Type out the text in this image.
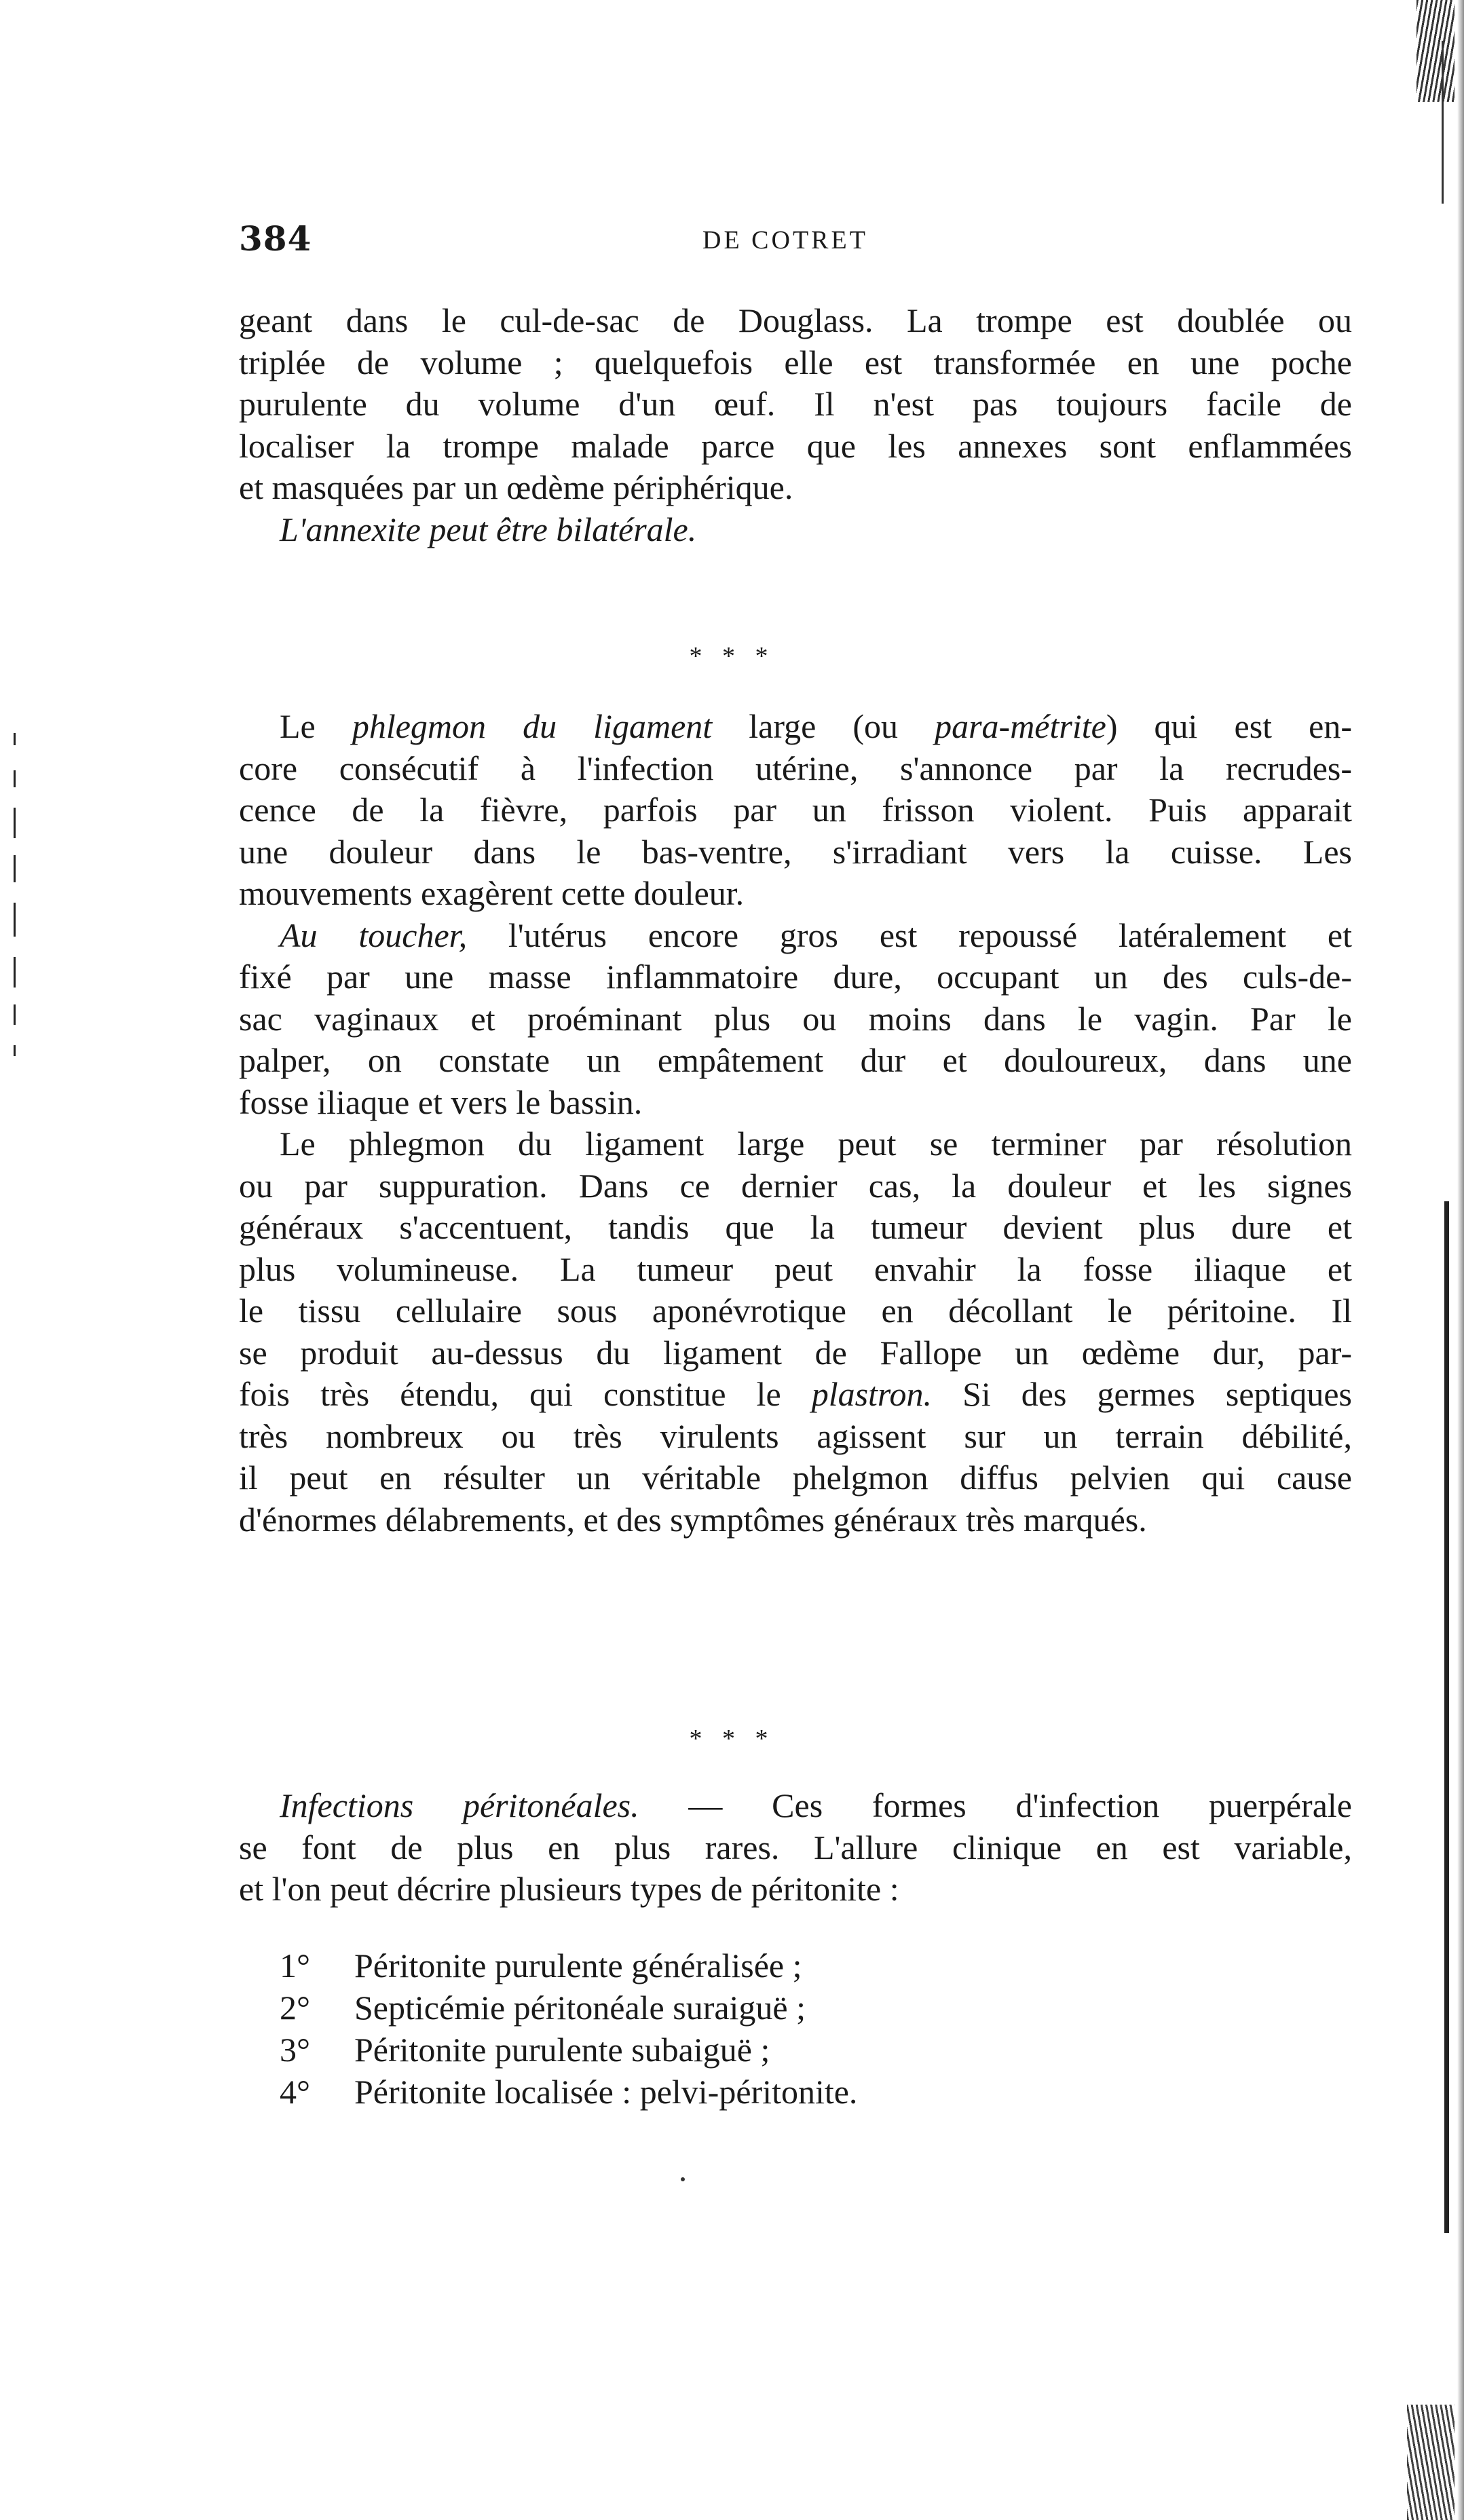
384	DE COTRET
geant dans le cul-de-sac de Douglass. La trompe est doublée ou
triplée de volume ; quelquefois elle est transformée en une poche
purulente du volume d'un œuf. Il n'est pas toujours facile de
localiser la trompe malade parce que les annexes sont enflammées
et masquées par un œdème périphérique.
L'annexite peut être bilatérale.
* * *
Le phlegmon du ligament large (ou para-métrite) qui est en-
core consécutif à l'infection utérine, s'annonce par la recrudes-
cence de la fièvre, parfois par un frisson violent. Puis apparait
une douleur dans le bas-ventre, s'irradiant vers la cuisse. Les
mouvements exagèrent cette douleur.
Au toucher, l'utérus encore gros est repoussé latéralement et
fixé par une masse inflammatoire dure, occupant un des culs-de-
sac vaginaux et proéminant plus ou moins dans le vagin. Par le
palper, on constate un empâtement dur et douloureux, dans une
fosse iliaque et vers le bassin.
Le phlegmon du ligament large peut se terminer par résolution
ou par suppuration. Dans ce dernier cas, la douleur et les signes
généraux s'accentuent, tandis que la tumeur devient plus dure et
plus volumineuse. La tumeur peut envahir la fosse iliaque et
le tissu cellulaire sous aponévrotique en décollant le péritoine. Il
se produit au-dessus du ligament de Fallope un œdème dur, par-
fois très étendu, qui constitue le plastron. Si des germes septiques
très nombreux ou très virulents agissent sur un terrain débilité,
il peut en résulter un véritable phelgmon diffus pelvien qui cause
d'énormes délabrements, et des symptômes généraux très marqués.
* * *
Infections péritonéales. — Ces formes d'infection puerpérale
se font de plus en plus rares. L'allure clinique en est variable,
et l'on peut décrire plusieurs types de péritonite :
1° Péritonite purulente généralisée ;
2° Septicémie péritonéale suraiguë ;
3° Péritonite purulente subaiguë ;
4° Péritonite localisée : pelvi-péritonite.
